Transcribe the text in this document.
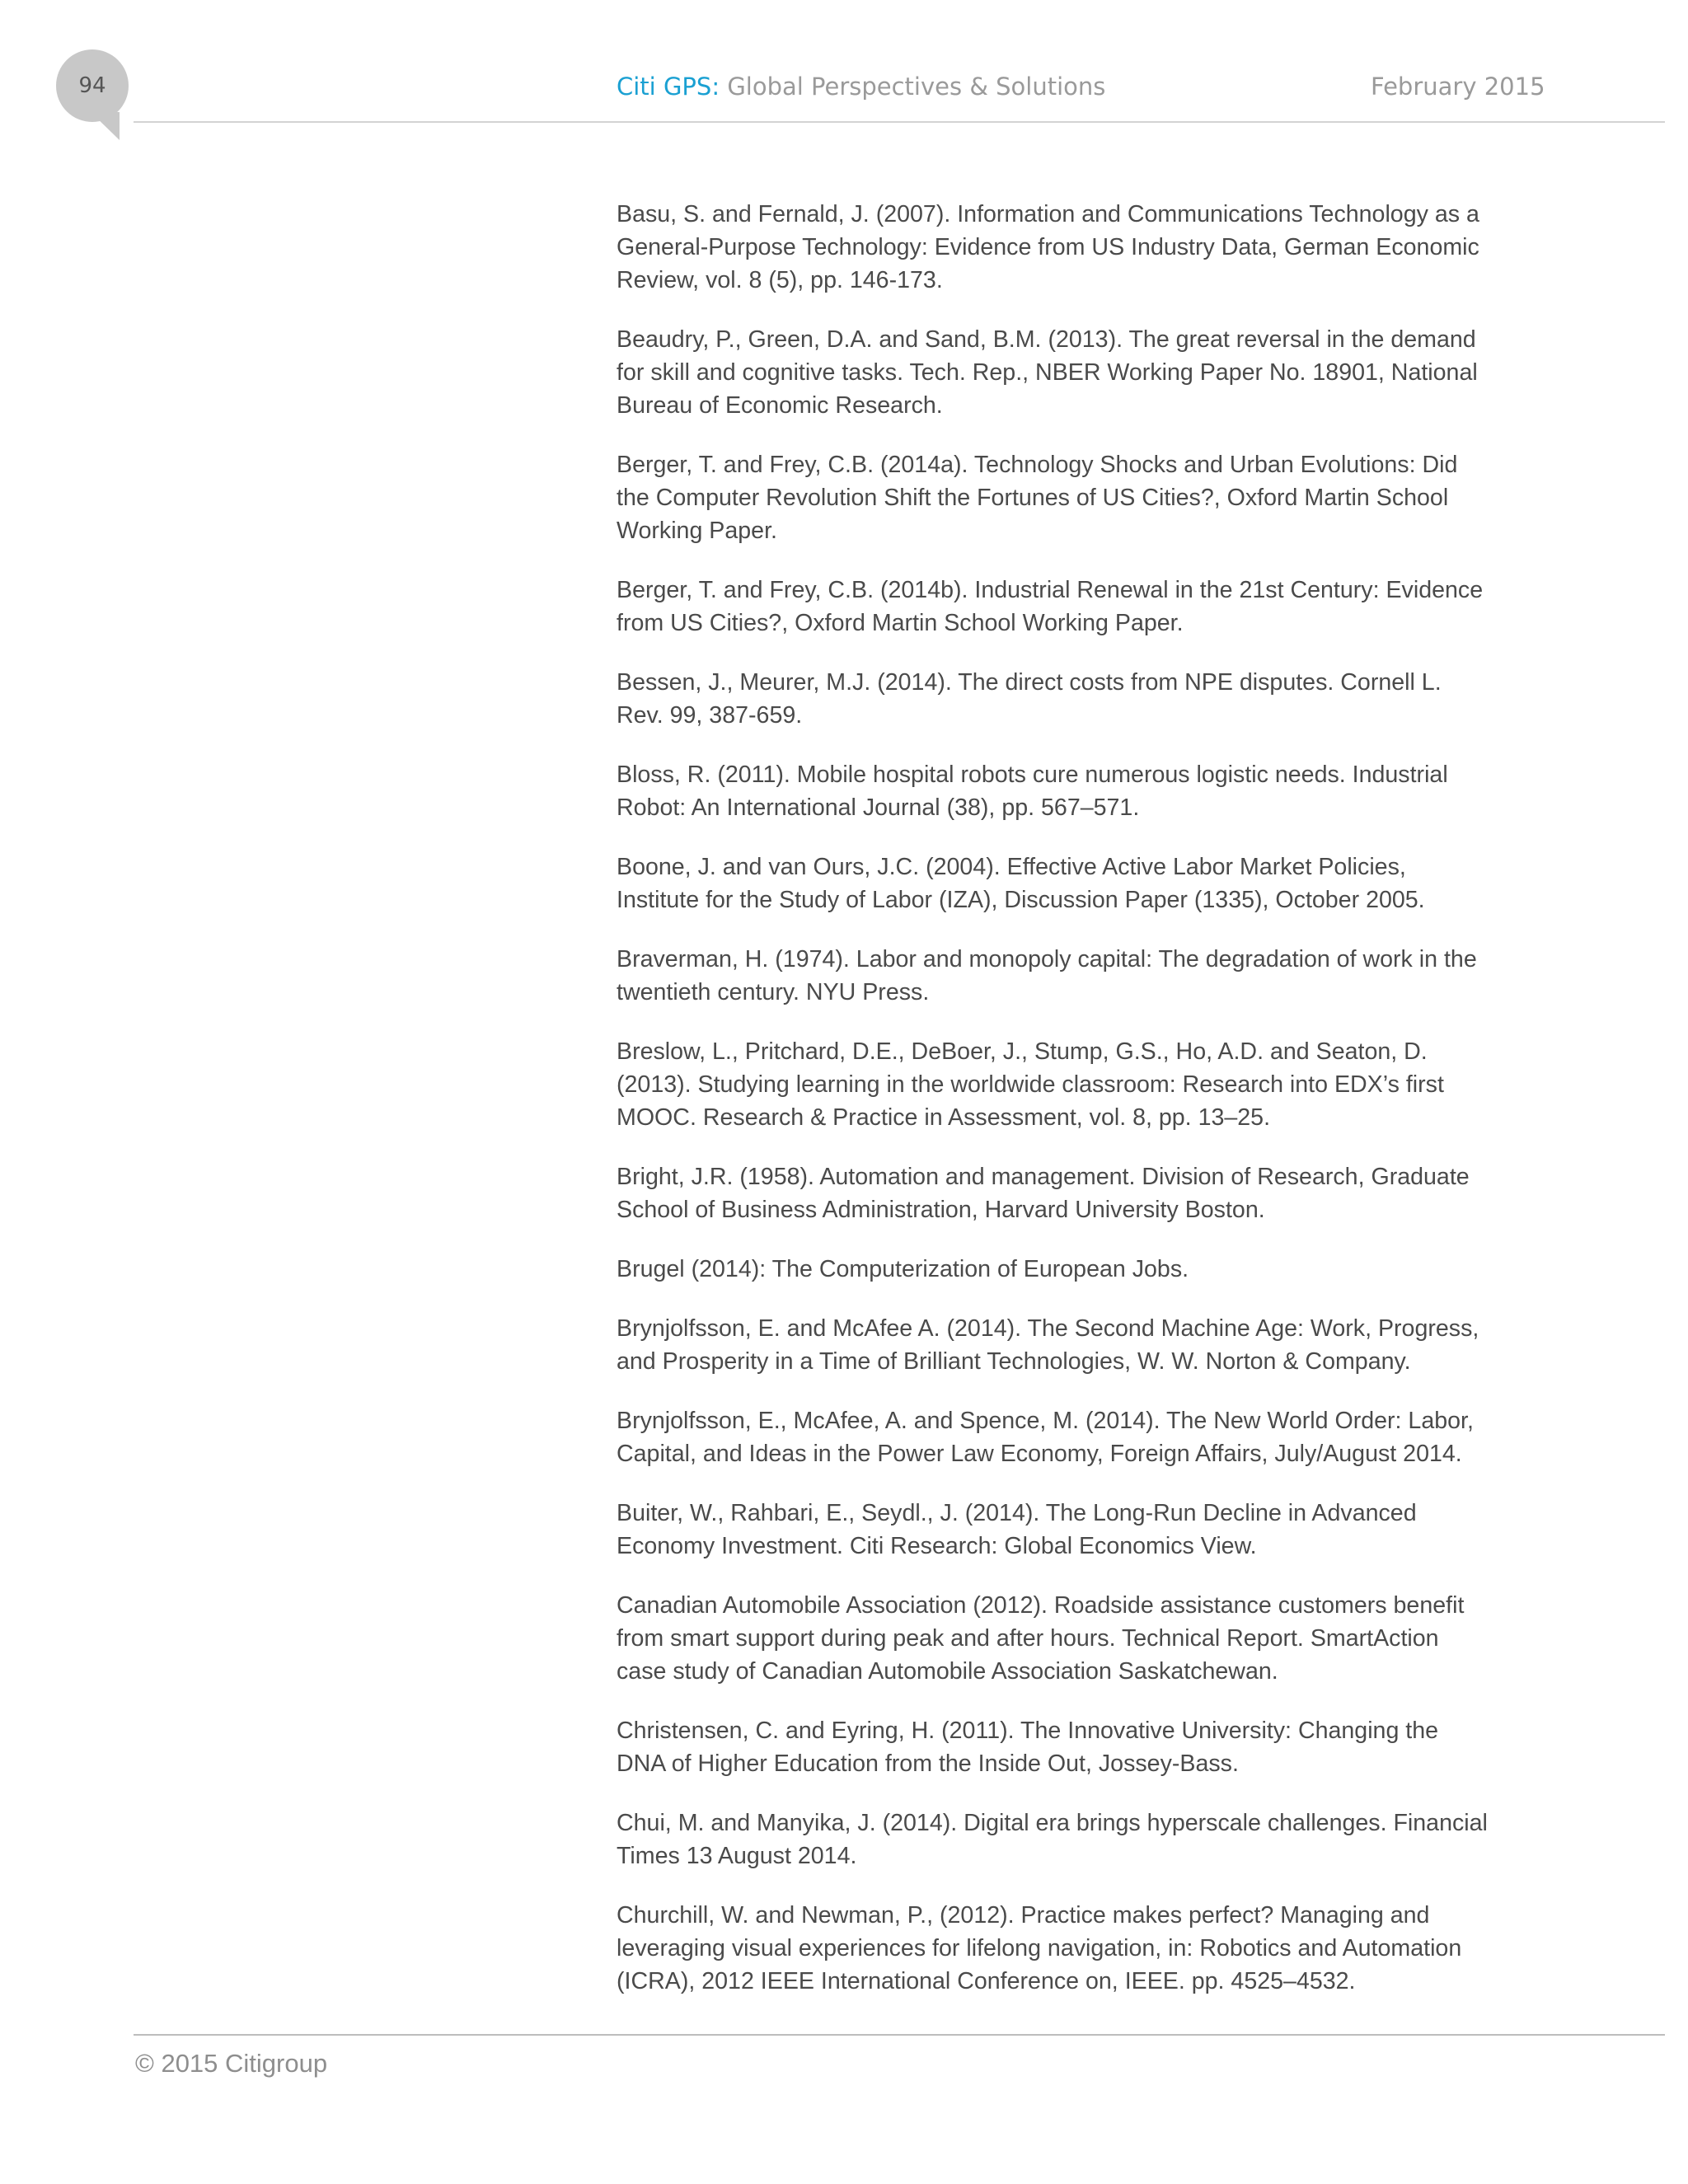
94	Citi GPS: Global Perspectives & Solutions	February 2015
Basu, S. and Fernald, J. (2007). Information and Communications Technology as a
General-Purpose Technology: Evidence from US Industry Data, German Economic
Review, vol. 8 (5), pp. 146-173.
Beaudry, P., Green, D.A. and Sand, B.M. (2013). The great reversal in the demand
for skill and cognitive tasks. Tech. Rep., NBER Working Paper No. 18901, National
Bureau of Economic Research.
Berger, T. and Frey, C.B. (2014a). Technology Shocks and Urban Evolutions: Did
the Computer Revolution Shift the Fortunes of US Cities?, Oxford Martin School
Working Paper.
Berger, T. and Frey, C.B. (2014b). Industrial Renewal in the 21st Century: Evidence
from US Cities?, Oxford Martin School Working Paper.
Bessen, J., Meurer, M.J. (2014). The direct costs from NPE disputes. Cornell L.
Rev. 99, 387-659.
Bloss, R. (2011). Mobile hospital robots cure numerous logistic needs. Industrial
Robot: An International Journal (38), pp. 567–571.
Boone, J. and van Ours, J.C. (2004). Effective Active Labor Market Policies,
Institute for the Study of Labor (IZA), Discussion Paper (1335), October 2005.
Braverman, H. (1974). Labor and monopoly capital: The degradation of work in the
twentieth century. NYU Press.
Breslow, L., Pritchard, D.E., DeBoer, J., Stump, G.S., Ho, A.D. and Seaton, D.
(2013). Studying learning in the worldwide classroom: Research into EDX’s first
MOOC. Research & Practice in Assessment, vol. 8, pp. 13–25.
Bright, J.R. (1958). Automation and management. Division of Research, Graduate
School of Business Administration, Harvard University Boston.
Brugel (2014): The Computerization of European Jobs.
Brynjolfsson, E. and McAfee A. (2014). The Second Machine Age: Work, Progress,
and Prosperity in a Time of Brilliant Technologies, W. W. Norton & Company.
Brynjolfsson, E., McAfee, A. and Spence, M. (2014). The New World Order: Labor,
Capital, and Ideas in the Power Law Economy, Foreign Affairs, July/August 2014.
Buiter, W., Rahbari, E., Seydl., J. (2014). The Long-Run Decline in Advanced
Economy Investment. Citi Research: Global Economics View.
Canadian Automobile Association (2012). Roadside assistance customers benefit
from smart support during peak and after hours. Technical Report. SmartAction
case study of Canadian Automobile Association Saskatchewan.
Christensen, C. and Eyring, H. (2011). The Innovative University: Changing the
DNA of Higher Education from the Inside Out, Jossey-Bass.
Chui, M. and Manyika, J. (2014). Digital era brings hyperscale challenges. Financial
Times 13 August 2014.
Churchill, W. and Newman, P., (2012). Practice makes perfect? Managing and
leveraging visual experiences for lifelong navigation, in: Robotics and Automation
(ICRA), 2012 IEEE International Conference on, IEEE. pp. 4525–4532.
© 2015 Citigroup
